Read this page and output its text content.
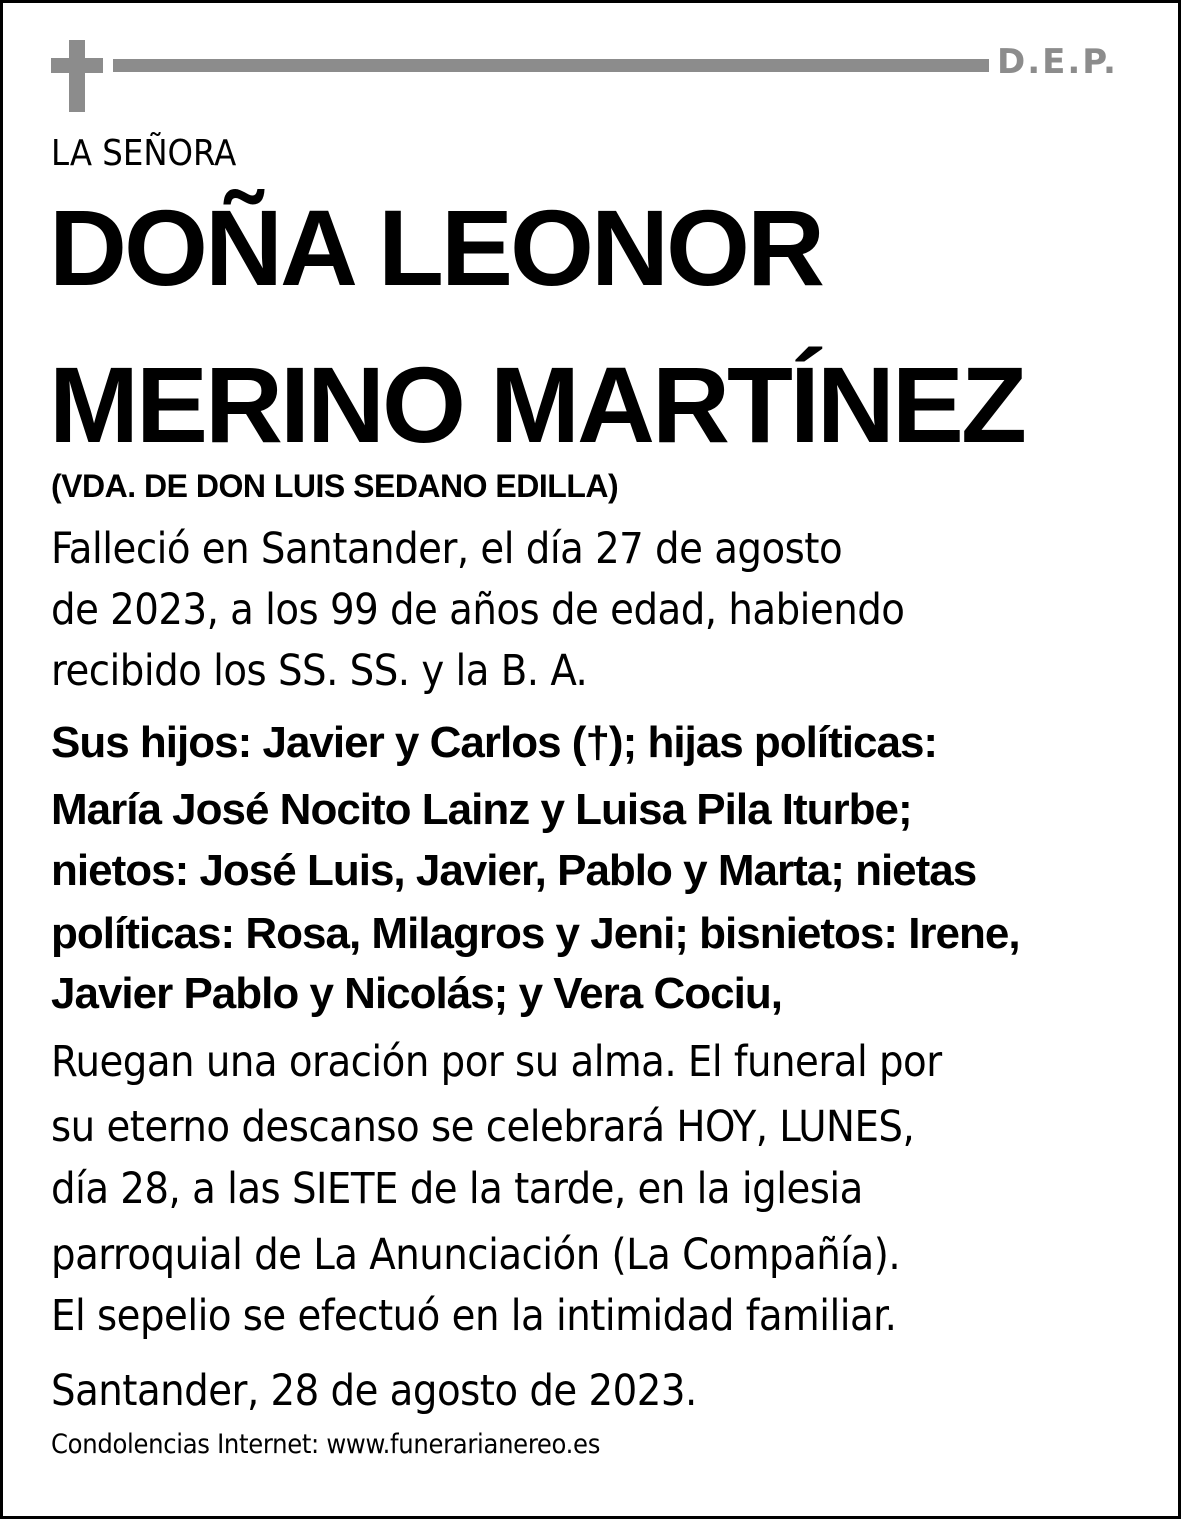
D.E.P.
LA SEÑORA
DOÑA LEONOR
MERINO MARTÍNEZ
(VDA. DE DON LUIS SEDANO EDILLA)
Falleció en Santander, el día 27 de agosto
de 2023, a los 99 de años de edad, habiendo
recibido los SS. SS. y la B. A.
Sus hijos: Javier y Carlos (†); hijas políticas:
María José Nocito Lainz y Luisa Pila Iturbe;
nietos: José Luis, Javier, Pablo y Marta; nietas
políticas: Rosa, Milagros y Jeni; bisnietos: Irene,
Javier Pablo y Nicolás; y Vera Cociu,
Ruegan una oración por su alma. El funeral por
su eterno descanso se celebrará HOY, LUNES,
día 28, a las SIETE de la tarde, en la iglesia
parroquial de La Anunciación (La Compañía).
El sepelio se efectuó en la intimidad familiar.
Santander, 28 de agosto de 2023.
Condolencias Internet: www.funerarianereo.es
